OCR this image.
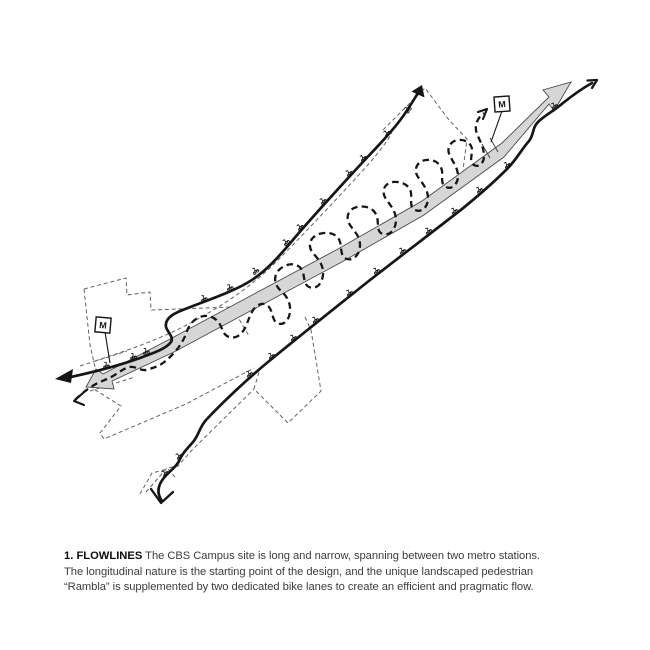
M
M
1. FLOWLINES The CBS Campus site is long and narrow, spanning between two metro stations.
The longitudinal nature is the starting point of the design, and the unique landscaped pedestrian
“Rambla” is supplemented by two dedicated bike lanes to create an efficient and pragmatic flow.
